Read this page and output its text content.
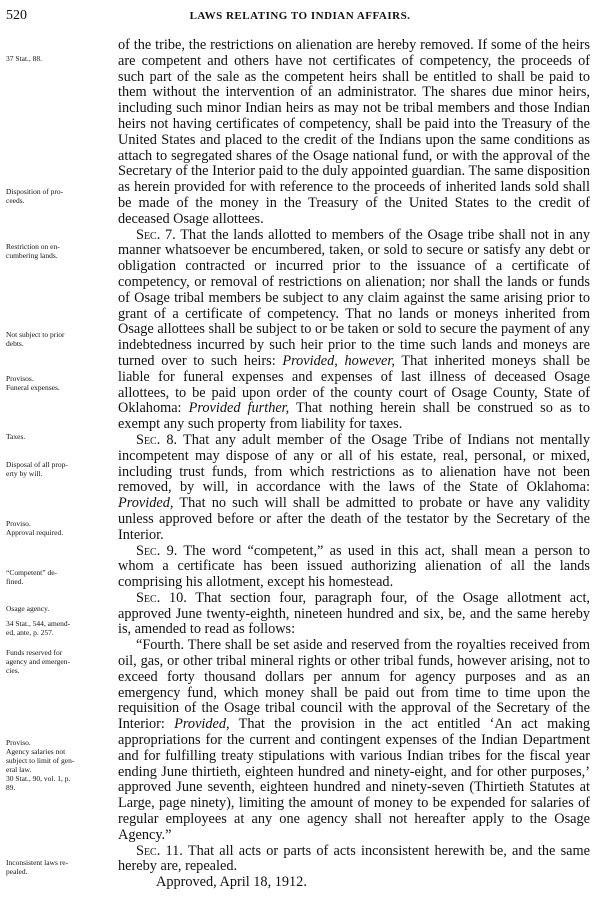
520	LAWS RELATING TO INDIAN AFFAIRS.
37 Stat., 88.
Disposition of pro-
ceeds.
Restriction on en-
cumbering lands.
Not subject to prior
debts.
Provisos.
Funeral expenses.
Taxes.
Disposal of all prop-
erty by will.
Proviso.
Approval required.
“Competent” de-
fined.
Osage agency.
34 Stat., 544, amend-
ed, ante, p. 257.
Funds reserved for
agency and emergen-
cies.
Proviso.
Agency salaries not
subject to limit of gen-
eral law.
30 Stat., 90, vol. 1, p.
89.
Inconsistent laws re-
pealed.

of the tribe, the restrictions on alienation are hereby removed. If some of the heirs are competent and others have not certificates of competency, the proceeds of such part of the sale as the competent heirs shall be entitled to shall be paid to them without the intervention of an administrator. The shares due minor heirs, including such minor Indian heirs as may not be tribal members and those Indian heirs not having certificates of competency, shall be paid into the Treasury of the United States and placed to the credit of the Indians upon the same conditions as attach to segregated shares of the Osage national fund, or with the approval of the Secretary of the Interior paid to the duly appointed guardian. The same disposition as herein provided for with reference to the proceeds of inherited lands sold shall be made of the money in the Treasury of the United States to the credit of deceased Osage allottees.

Sec. 7. That the lands allotted to members of the Osage tribe shall not in any manner whatsoever be encumbered, taken, or sold to secure or satisfy any debt or obligation contracted or incurred prior to the issuance of a certificate of competency, or removal of restrictions on alienation; nor shall the lands or funds of Osage tribal members be subject to any claim against the same arising prior to grant of a certificate of competency. That no lands or moneys inherited from Osage allottees shall be subject to or be taken or sold to secure the payment of any indebtedness incurred by such heir prior to the time such lands and moneys are turned over to such heirs: Provided, however, That inherited moneys shall be liable for funeral expenses and expenses of last illness of deceased Osage allottees, to be paid upon order of the county court of Osage County, State of Oklahoma: Provided further, That nothing herein shall be construed so as to exempt any such property from liability for taxes.

Sec. 8. That any adult member of the Osage Tribe of Indians not mentally incompetent may dispose of any or all of his estate, real, personal, or mixed, including trust funds, from which restrictions as to alienation have not been removed, by will, in accordance with the laws of the State of Oklahoma: Provided, That no such will shall be admitted to probate or have any validity unless approved before or after the death of the testator by the Secretary of the Interior.

Sec. 9. The word “competent,” as used in this act, shall mean a person to whom a certificate has been issued authorizing alienation of all the lands comprising his allotment, except his homestead.

Sec. 10. That section four, paragraph four, of the Osage allotment act, approved June twenty-eighth, nineteen hundred and six, be, and the same hereby is, amended to read as follows:

“Fourth. There shall be set aside and reserved from the royalties received from oil, gas, or other tribal mineral rights or other tribal funds, however arising, not to exceed forty thousand dollars per annum for agency purposes and as an emergency fund, which money shall be paid out from time to time upon the requisition of the Osage tribal council with the approval of the Secretary of the Interior: Provided, That the provision in the act entitled ‘An act making appropriations for the current and contingent expenses of the Indian Department and for fulfilling treaty stipulations with various Indian tribes for the fiscal year ending June thirtieth, eighteen hundred and ninety-eight, and for other purposes,’ approved June seventh, eighteen hundred and ninety-seven (Thirtieth Statutes at Large, page ninety), limiting the amount of money to be expended for salaries of regular employees at any one agency shall not hereafter apply to the Osage Agency.”

Sec. 11. That all acts or parts of acts inconsistent herewith be, and the same hereby are, repealed.

Approved, April 18, 1912.
